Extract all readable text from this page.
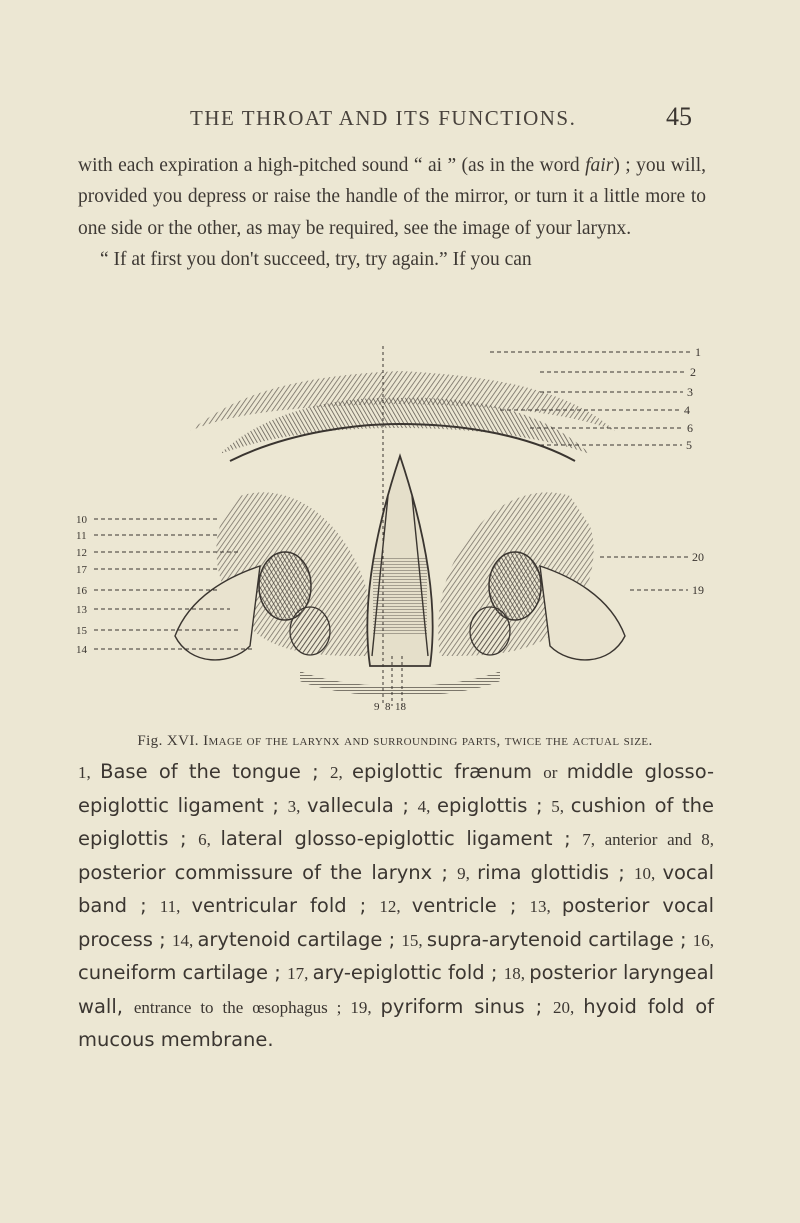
THE THROAT AND ITS FUNCTIONS.	45

with each expiration a high-pitched sound “ ai ” (as in the word fair) ; you will, provided you depress or raise the handle of the mirror, or turn it a little more to one side or the other, as may be required, see the image of your larynx.

“ If at first you don't succeed, try, try again.” If you can

1
2
3
4
6
5
20
19
10
11
12
17
16
13
15
14
9 8 18
Fig. XVI. Image of the larynx and surrounding parts, twice the actual size.

1, Base of the tongue ; 2, epiglottic frænum or middle glosso-epiglottic ligament ; 3, vallecula ; 4, epiglottis ; 5, cushion of the epiglottis ; 6, lateral glosso-epiglottic ligament ; 7, anterior and 8, posterior commissure of the larynx ; 9, rima glottidis ; 10, vocal band ; 11, ventricular fold ; 12, ventricle ; 13, posterior vocal process ; 14, arytenoid cartilage ; 15, supra-arytenoid cartilage ; 16, cuneiform cartilage ; 17, ary-epiglottic fold ; 18, posterior laryngeal wall, entrance to the œsophagus ; 19, pyriform sinus ; 20, hyoid fold of mucous membrane.
